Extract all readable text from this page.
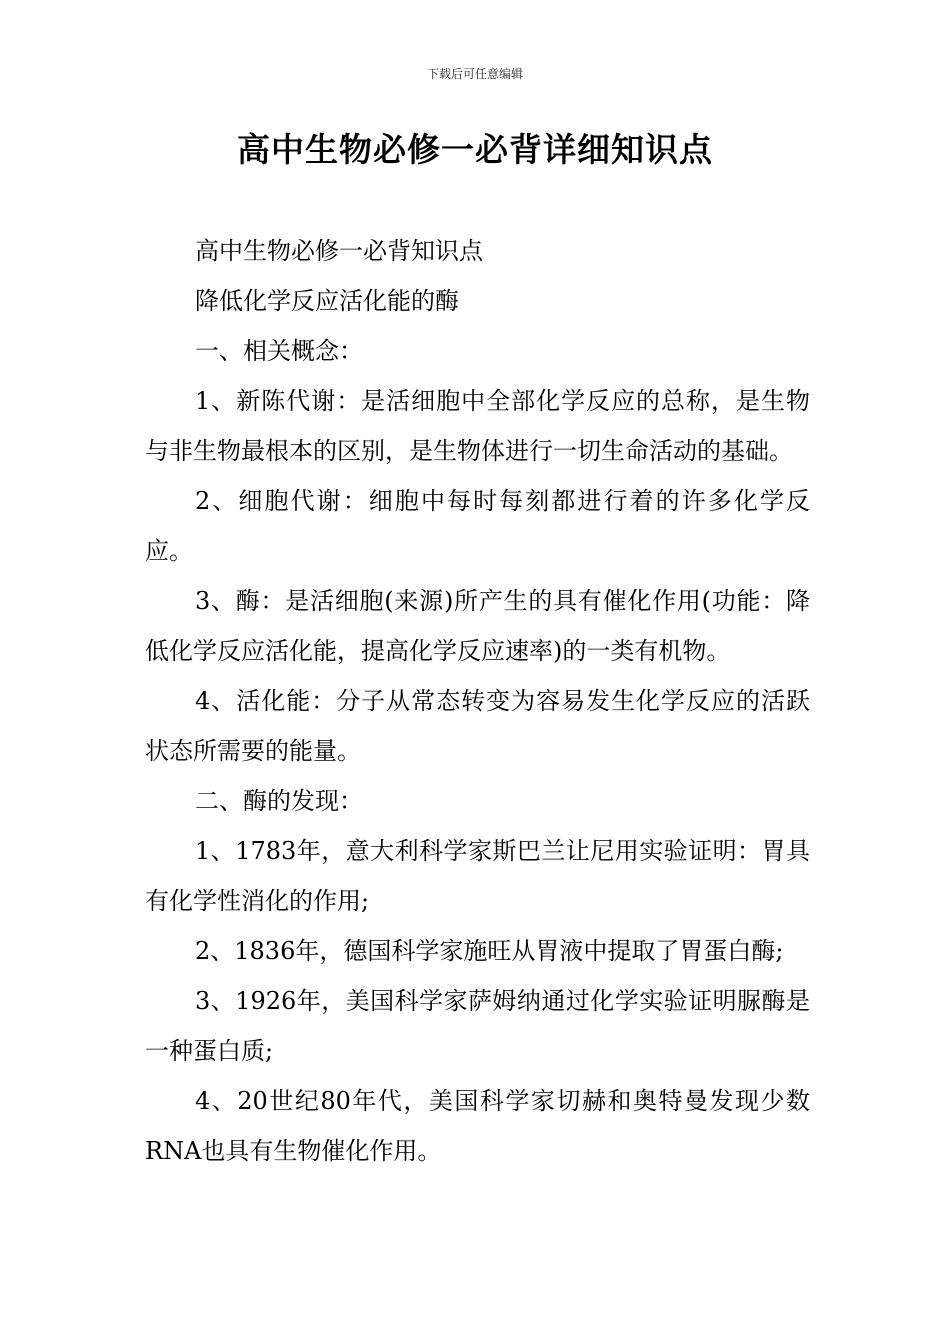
下载后可任意编辑
高中生物必修一必背详细知识点

高中生物必修一必背知识点

降低化学反应活化能的酶

一、相关概念：

1、新陈代谢：是活细胞中全部化学反应的总称，是生物与非生物最根本的区别，是生物体进行一切生命活动的基础。

2、细胞代谢：细胞中每时每刻都进行着的许多化学反应。

3、酶：是活细胞(来源)所产生的具有催化作用(功能：降低化学反应活化能，提高化学反应速率)的一类有机物。

4、活化能：分子从常态转变为容易发生化学反应的活跃状态所需要的能量。

二、酶的发现：

1、1783年，意大利科学家斯巴兰让尼用实验证明：胃具有化学性消化的作用;

2、1836年，德国科学家施旺从胃液中提取了胃蛋白酶;

3、1926年，美国科学家萨姆纳通过化学实验证明脲酶是一种蛋白质;

4、20世纪80年代，美国科学家切赫和奥特曼发现少数RNA也具有生物催化作用。
